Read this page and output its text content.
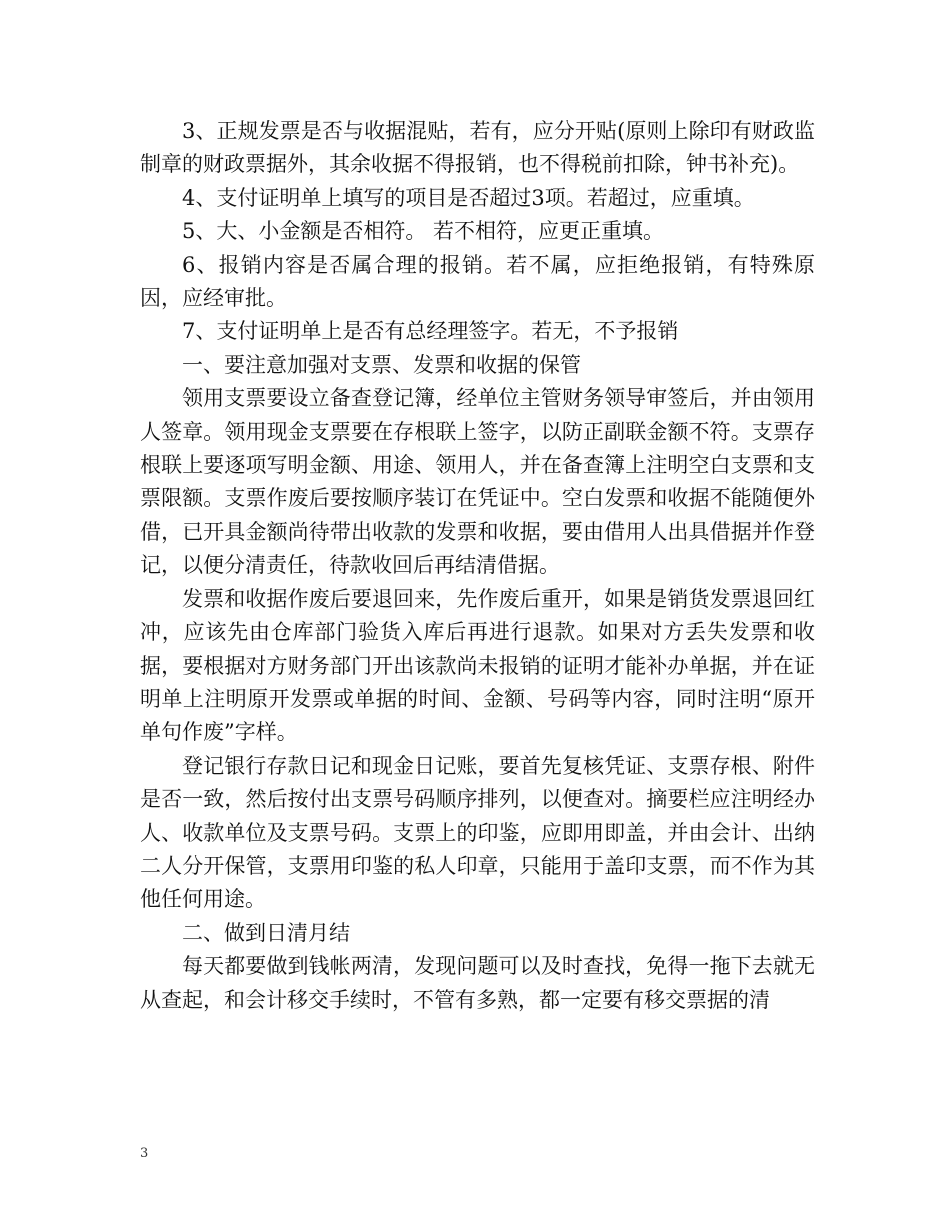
3、正规发票是否与收据混贴，若有，应分开贴(原则上除印有财政监制章的财政票据外，其余收据不得报销，也不得税前扣除，钟书补充)。

4、支付证明单上填写的项目是否超过3项。若超过，应重填。

5、大、小金额是否相符。 若不相符，应更正重填。

6、报销内容是否属合理的报销。若不属，应拒绝报销，有特殊原因，应经审批。

7、支付证明单上是否有总经理签字。若无，不予报销

一、要注意加强对支票、发票和收据的保管

领用支票要设立备查登记簿，经单位主管财务领导审签后，并由领用人签章。领用现金支票要在存根联上签字，以防正副联金额不符。支票存根联上要逐项写明金额、用途、领用人，并在备查簿上注明空白支票和支票限额。支票作废后要按顺序装订在凭证中。空白发票和收据不能随便外借，已开具金额尚待带出收款的发票和收据，要由借用人出具借据并作登记，以便分清责任，待款收回后再结清借据。

发票和收据作废后要退回来，先作废后重开，如果是销货发票退回红冲，应该先由仓库部门验货入库后再进行退款。如果对方丢失发票和收据，要根据对方财务部门开出该款尚未报销的证明才能补办单据，并在证明单上注明原开发票或单据的时间、金额、号码等内容，同时注明“原开单句作废”字样。

登记银行存款日记和现金日记账，要首先复核凭证、支票存根、附件是否一致，然后按付出支票号码顺序排列，以便查对。摘要栏应注明经办人、收款单位及支票号码。支票上的印鉴，应即用即盖，并由会计、出纳二人分开保管，支票用印鉴的私人印章，只能用于盖印支票，而不作为其他任何用途。

二、做到日清月结

每天都要做到钱帐两清，发现问题可以及时查找，免得一拖下去就无从查起，和会计移交手续时，不管有多熟，都一定要有移交票据的清

3
